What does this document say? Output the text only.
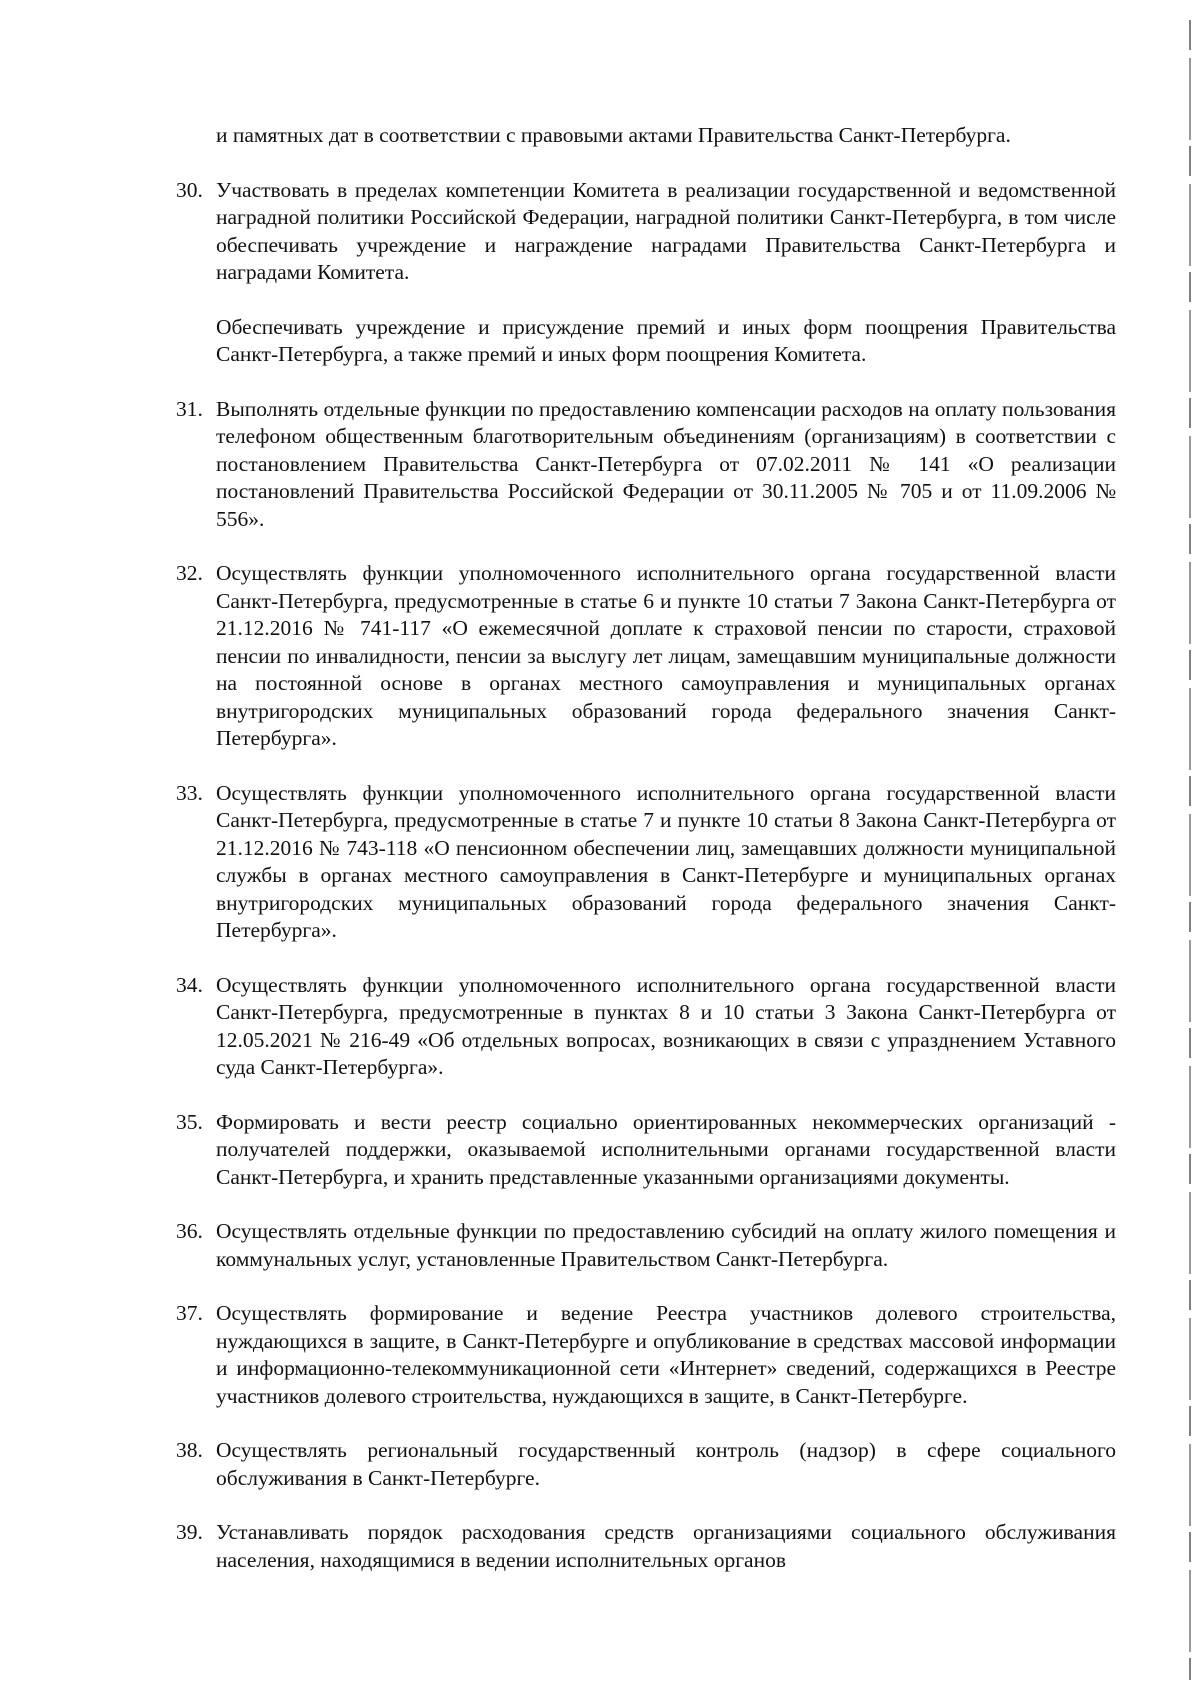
и памятных дат в соответствии с правовыми актами Правительства Санкт-Петербурга.
30. Участвовать в пределах компетенции Комитета в реализации государственной и ведомственной наградной политики Российской Федерации, наградной политики Санкт-Петербурга, в том числе обеспечивать учреждение и награждение наградами Правительства Санкт-Петербурга и наградами Комитета.
Обеспечивать учреждение и присуждение премий и иных форм поощрения Правительства Санкт-Петербурга, а также премий и иных форм поощрения Комитета.
31. Выполнять отдельные функции по предоставлению компенсации расходов на оплату пользования телефоном общественным благотворительным объединениям (организациям) в соответствии с постановлением Правительства Санкт-Петербурга от 07.02.2011 № 141 «О реализации постановлений Правительства Российской Федерации от 30.11.2005 № 705 и от 11.09.2006 № 556».
32. Осуществлять функции уполномоченного исполнительного органа государственной власти Санкт-Петербурга, предусмотренные в статье 6 и пункте 10 статьи 7 Закона Санкт-Петербурга от 21.12.2016 № 741-117 «О ежемесячной доплате к страховой пенсии по старости, страховой пенсии по инвалидности, пенсии за выслугу лет лицам, замещавшим муниципальные должности на постоянной основе в органах местного самоуправления и муниципальных органах внутригородских муниципальных образований города федерального значения Санкт-Петербурга».
33. Осуществлять функции уполномоченного исполнительного органа государственной власти Санкт-Петербурга, предусмотренные в статье 7 и пункте 10 статьи 8 Закона Санкт-Петербурга от 21.12.2016 № 743-118 «О пенсионном обеспечении лиц, замещавших должности муниципальной службы в органах местного самоуправления в Санкт-Петербурге и муниципальных органах внутригородских муниципальных образований города федерального значения Санкт-Петербурга».
34. Осуществлять функции уполномоченного исполнительного органа государственной власти Санкт-Петербурга, предусмотренные в пунктах 8 и 10 статьи 3 Закона Санкт-Петербурга от 12.05.2021 № 216-49 «Об отдельных вопросах, возникающих в связи с упразднением Уставного суда Санкт-Петербурга».
35. Формировать и вести реестр социально ориентированных некоммерческих организаций - получателей поддержки, оказываемой исполнительными органами государственной власти Санкт-Петербурга, и хранить представленные указанными организациями документы.
36. Осуществлять отдельные функции по предоставлению субсидий на оплату жилого помещения и коммунальных услуг, установленные Правительством Санкт-Петербурга.
37. Осуществлять формирование и ведение Реестра участников долевого строительства, нуждающихся в защите, в Санкт-Петербурге и опубликование в средствах массовой информации и информационно-телекоммуникационной сети «Интернет» сведений, содержащихся в Реестре участников долевого строительства, нуждающихся в защите, в Санкт-Петербурге.
38. Осуществлять региональный государственный контроль (надзор) в сфере социального обслуживания в Санкт-Петербурге.
39. Устанавливать порядок расходования средств организациями социального обслуживания населения, находящимися в ведении исполнительных органов
